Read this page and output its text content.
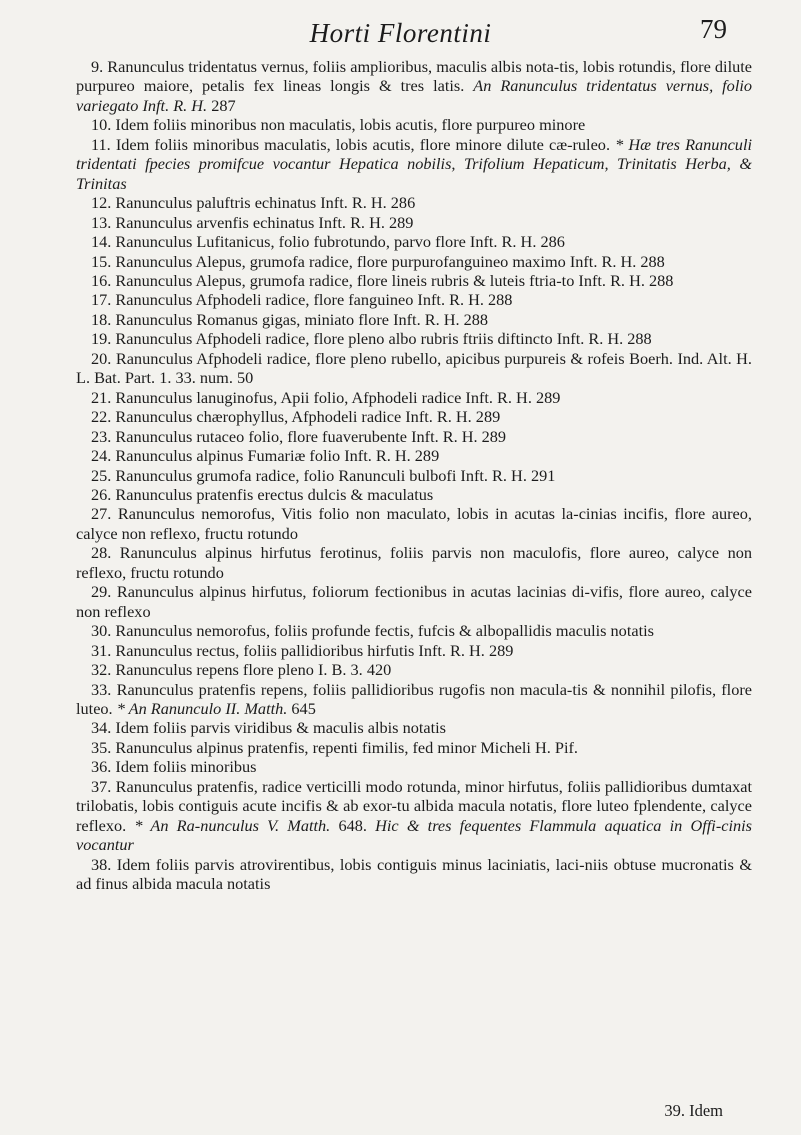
Horti Florentini	79

9. Ranunculus tridentatus vernus, foliis amplioribus, maculis albis nota-tis, lobis rotundis, flore dilute purpureo maiore, petalis fex lineas longis & tres latis. An Ranunculus tridentatus vernus, folio variegato Inft. R. H. 287

10. Idem foliis minoribus non maculatis, lobis acutis, flore purpureo minore

11. Idem foliis minoribus maculatis, lobis acutis, flore minore dilute cæ-ruleo. * Hæ tres Ranunculi tridentati fpecies promifcue vocantur Hepatica nobilis, Trifolium Hepaticum, Trinitatis Herba, & Trinitas

12. Ranunculus paluftris echinatus Inft. R. H. 286

13. Ranunculus arvenfis echinatus Inft. R. H. 289

14. Ranunculus Lufitanicus, folio fubrotundo, parvo flore Inft. R. H. 286

15. Ranunculus Alepus, grumofa radice, flore purpurofanguineo maximo Inft. R. H. 288

16. Ranunculus Alepus, grumofa radice, flore lineis rubris & luteis ftria-to Inft. R. H. 288

17. Ranunculus Afphodeli radice, flore fanguineo Inft. R. H. 288

18. Ranunculus Romanus gigas, miniato flore Inft. R. H. 288

19. Ranunculus Afphodeli radice, flore pleno albo rubris ftriis diftincto Inft. R. H. 288

20. Ranunculus Afphodeli radice, flore pleno rubello, apicibus purpureis & rofeis Boerh. Ind. Alt. H. L. Bat. Part. 1. 33. num. 50

21. Ranunculus lanuginofus, Apii folio, Afphodeli radice Inft. R. H. 289

22. Ranunculus chærophyllus, Afphodeli radice Inft. R. H. 289

23. Ranunculus rutaceo folio, flore fuaverubente Inft. R. H. 289

24. Ranunculus alpinus Fumariæ folio Inft. R. H. 289

25. Ranunculus grumofa radice, folio Ranunculi bulbofi Inft. R. H. 291

26. Ranunculus pratenfis erectus dulcis & maculatus

27. Ranunculus nemorofus, Vitis folio non maculato, lobis in acutas la-cinias incifis, flore aureo, calyce non reflexo, fructu rotundo

28. Ranunculus alpinus hirfutus ferotinus, foliis parvis non maculofis, flore aureo, calyce non reflexo, fructu rotundo

29. Ranunculus alpinus hirfutus, foliorum fectionibus in acutas lacinias di-vifis, flore aureo, calyce non reflexo

30. Ranunculus nemorofus, foliis profunde fectis, fufcis & albopallidis maculis notatis

31. Ranunculus rectus, foliis pallidioribus hirfutis Inft. R. H. 289

32. Ranunculus repens flore pleno I. B. 3. 420

33. Ranunculus pratenfis repens, foliis pallidioribus rugofis non macula-tis & nonnihil pilofis, flore luteo. * An Ranunculo II. Matth. 645

34. Idem foliis parvis viridibus & maculis albis notatis

35. Ranunculus alpinus pratenfis, repenti fimilis, fed minor Micheli H. Pif.

36. Idem foliis minoribus

37. Ranunculus pratenfis, radice verticilli modo rotunda, minor hirfutus, foliis pallidioribus dumtaxat trilobatis, lobis contiguis acute incifis & ab exor-tu albida macula notatis, flore luteo fplendente, calyce reflexo. * An Ra-nunculus V. Matth. 648. Hic & tres fequentes Flammula aquatica in Offi-cinis vocantur

38. Idem foliis parvis atrovirentibus, lobis contiguis minus laciniatis, laci-niis obtuse mucronatis & ad finus albida macula notatis

39. Idem
